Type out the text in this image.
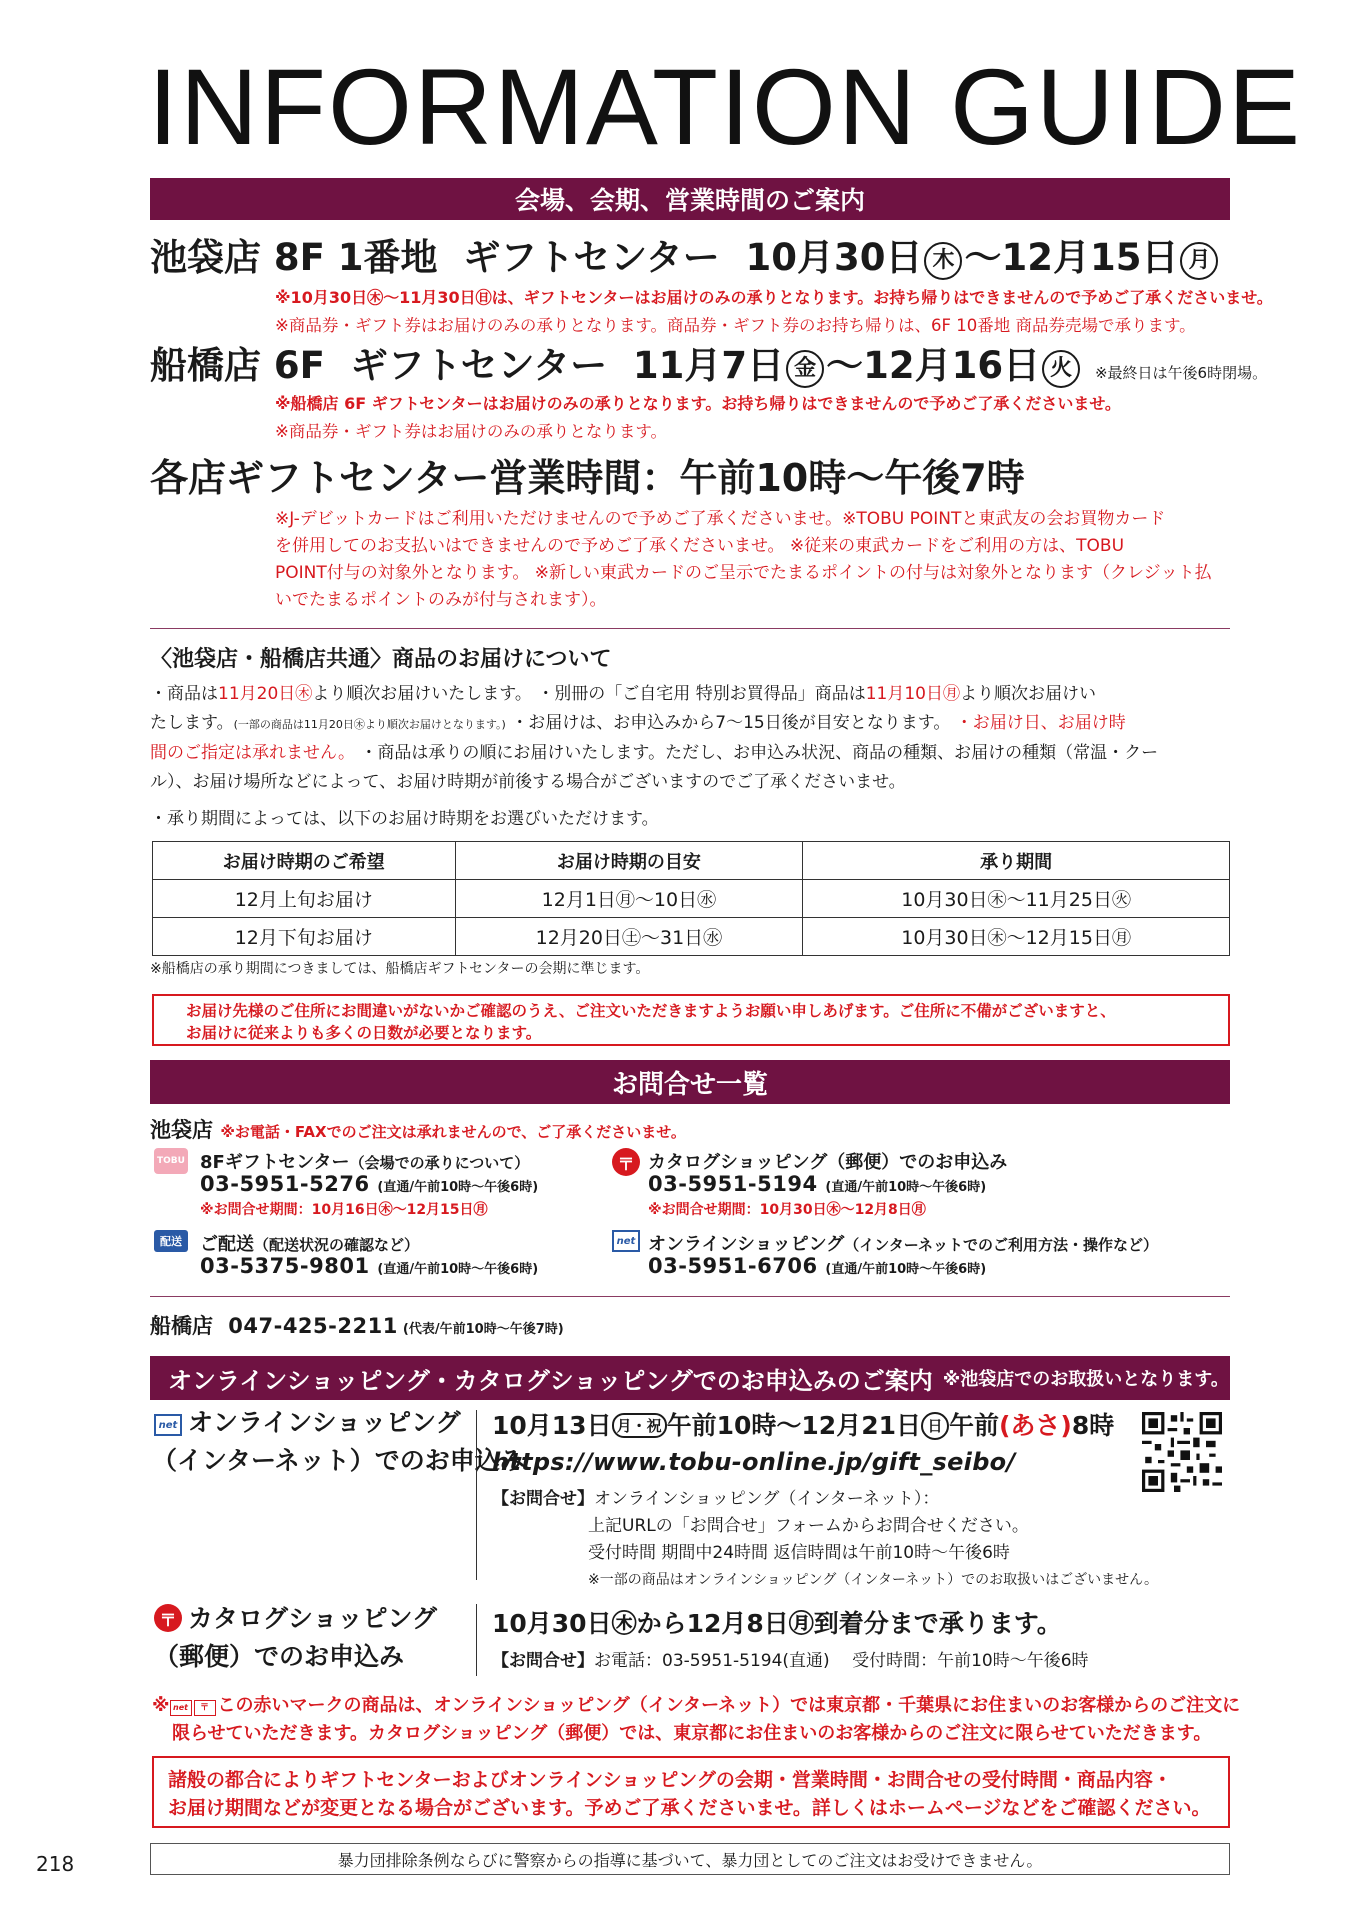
INFORMATION GUIDE
会場、会期、営業時間のご案内
池袋店 8F 1番地 ギフトセンター 10月30日 木 〜12月15日 月
※10月30日㊍〜11月30日㊐は、ギフトセンターはお届けのみの承りとなります。お持ち帰りはできませんので予めご了承くださいませ。
※商品券・ギフト券はお届けのみの承りとなります。商品券・ギフト券のお持ち帰りは、6F 10番地 商品券売場で承ります。
船橋店 6F ギフトセンター 11月7日 金 〜12月16日 火 ※最終日は午後6時閉場。
※船橋店 6F ギフトセンターはお届けのみの承りとなります。お持ち帰りはできませんので予めご了承くださいませ。
※商品券・ギフト券はお届けのみの承りとなります。
各店ギフトセンター営業時間：午前10時〜午後7時
※J-デビットカードはご利用いただけませんので予めご了承くださいませ。※TOBU POINTと東武友の会お買物カード
を併用してのお支払いはできませんので予めご了承くださいませ。 ※従来の東武カードをご利用の方は、TOBU
POINT付与の対象外となります。 ※新しい東武カードのご呈示でたまるポイントの付与は対象外となります（クレジット払
いでたまるポイントのみが付与されます）。
〈池袋店・船橋店共通〉商品のお届けについて
・商品は11月20日㊍より順次お届けいたします。 ・別冊の「ご自宅用 特別お買得品」商品は11月10日㊊より順次お届けい
たします。(一部の商品は11月20日㊍より順次お届けとなります。) ・お届けは、お申込みから7〜15日後が目安となります。 ・お届け日、お届け時
間のご指定は承れません。 ・商品は承りの順にお届けいたします。ただし、お申込み状況、商品の種類、お届けの種類（常温・クー
ル）、お届け場所などによって、お届け時期が前後する場合がございますのでご了承くださいませ。
・承り期間によっては、以下のお届け時期をお選びいただけます。
お届け時期のご希望	お届け時期の目安	承り期間
12月上旬お届け	12月1日㊊〜10日㊌	10月30日㊍〜11月25日㊋
12月下旬お届け	12月20日㊏〜31日㊌	10月30日㊍〜12月15日㊊
※船橋店の承り期間につきましては、船橋店ギフトセンターの会期に準じます。
お届け先様のご住所にお間違いがないかご確認のうえ、ご注文いただきますようお願い申しあげます。ご住所に不備がございますと、
お届けに従来よりも多くの日数が必要となります。
お問合せ一覧
池袋店 ※お電話・FAXでのご注文は承れませんので、ご了承くださいませ。
TOBU 8Fギフトセンター（会場での承りについて）
03-5951-5276 (直通/午前10時〜午後6時)
※お問合せ期間：10月16日㊍〜12月15日㊊
〒 カタログショッピング（郵便）でのお申込み
03-5951-5194 (直通/午前10時〜午後6時)
※お問合せ期間：10月30日㊍〜12月8日㊊
配送	ご配送（配送状況の確認など）
03-5375-9801 (直通/午前10時〜午後6時)
net オンラインショッピング（インターネットでのご利用方法・操作など）
03-5951-6706 (直通/午前10時〜午後6時)
船橋店 047-425-2211 (代表/午前10時〜午後7時)
オンラインショッピング・カタログショッピングでのお申込みのご案内 ※池袋店でのお取扱いとなります。
net オンラインショッピング
（インターネット）でのお申込み
10月13日 月・祝 午前10時〜12月21日 日 午前(あさ)8時
https://www.tobu-online.jp/gift_seibo/
【お問合せ】オンラインショッピング（インターネット）：
上記URLの「お問合せ」フォームからお問合せください。
受付時間 期間中24時間 返信時間は午前10時〜午後6時
※一部の商品はオンラインショッピング（インターネット）でのお取扱いはございません。
〒 カタログショッピング
（郵便）でのお申込み
10月30日㊍から12月8日㊊到着分まで承ります。
【お問合せ】お電話：03-5951-5194(直通)　 受付時間：午前10時〜午後6時
※ net 〒 この赤いマークの商品は、オンラインショッピング（インターネット）では東京都・千葉県にお住まいのお客様からのご注文に
限らせていただきます。カタログショッピング（郵便）では、東京都にお住まいのお客様からのご注文に限らせていただきます。
諸般の都合によりギフトセンターおよびオンラインショッピングの会期・営業時間・お問合せの受付時間・商品内容・
お届け期間などが変更となる場合がございます。予めご了承くださいませ。詳しくはホームページなどをご確認ください。
218	暴力団排除条例ならびに警察からの指導に基づいて、暴力団としてのご注文はお受けできません。
